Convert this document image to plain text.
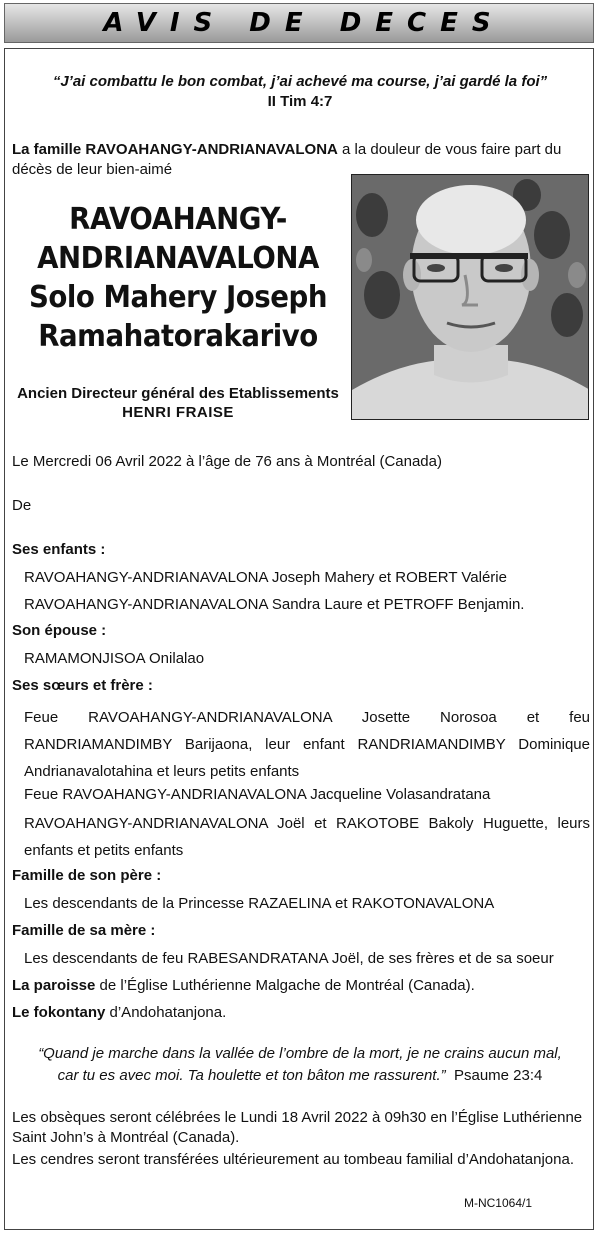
AVIS DE DECES
“J’ai combattu le bon combat, j’ai achevé ma course, j’ai gardé la foi”
II Tim 4:7
La famille RAVOAHANGY-ANDRIANAVALONA a la douleur de vous faire part du décès de leur bien-aimé
RAVOAHANGY-
ANDRIANAVALONA
Solo Mahery Joseph
Ramahatorakarivo
Ancien Directeur général des Etablissements
HENRI FRAISE
Le Mercredi 06 Avril 2022 à l’âge de 76 ans à Montréal (Canada)
De
Ses enfants :
RAVOAHANGY-ANDRIANAVALONA Joseph Mahery et ROBERT Valérie
RAVOAHANGY-ANDRIANAVALONA Sandra Laure et PETROFF Benjamin.
Son épouse :
RAMAMONJISOA Onilalao
Ses sœurs et frère :
Feue RAVOAHANGY-ANDRIANAVALONA Josette Norosoa et feu RANDRIAMANDIMBY Barijaona, leur enfant RANDRIAMANDIMBY Dominique Andrianavalotahina et leurs petits enfants
Feue RAVOAHANGY-ANDRIANAVALONA Jacqueline Volasandratana
RAVOAHANGY-ANDRIANAVALONA Joël et RAKOTOBE Bakoly Huguette, leurs enfants et petits enfants
Famille de son père :
Les descendants de la Princesse RAZAELINA et RAKOTONAVALONA
Famille de sa mère :
Les descendants de feu RABESANDRATANA Joël, de ses frères et de sa soeur
La paroisse de l’Église Luthérienne Malgache de Montréal (Canada).
Le fokontany d’Andohatanjona.
“Quand je marche dans la vallée de l’ombre de la mort, je ne crains aucun mal,
car tu es avec moi. Ta houlette et ton bâton me rassurent.” Psaume 23:4
Les obsèques seront célébrées le Lundi 18 Avril 2022 à 09h30 en l’Église Luthérienne Saint John’s à Montréal (Canada).
Les cendres seront transférées ultérieurement au tombeau familial d’Andohatanjona.
M-NC1064/1
